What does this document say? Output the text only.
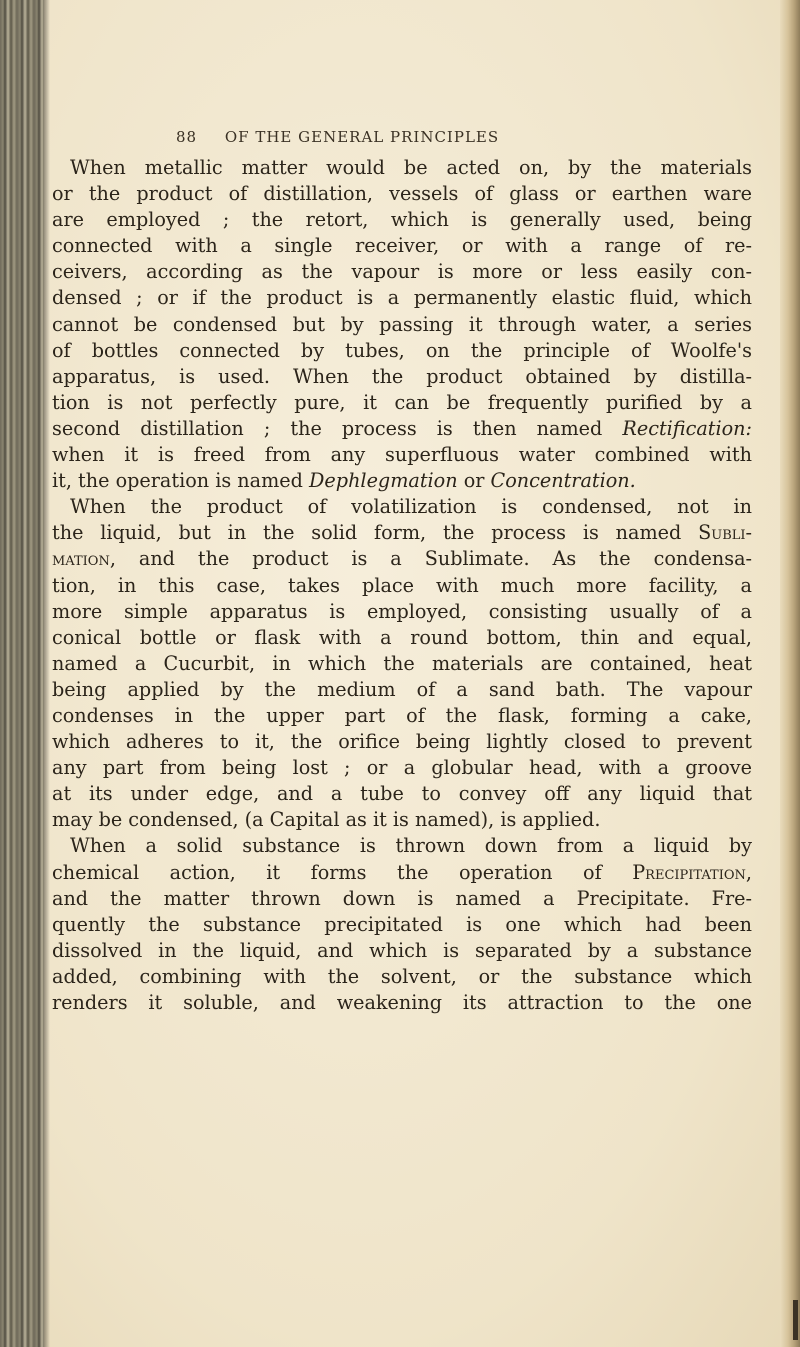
88 OF THE GENERAL PRINCIPLES
When metallic matter would be acted on, by the materials
or the product of distillation, vessels of glass or earthen ware
are employed ; the retort, which is generally used, being
connected with a single receiver, or with a range of re-
ceivers, according as the vapour is more or less easily con-
densed ; or if the product is a permanently elastic fluid, which
cannot be condensed but by passing it through water, a series
of bottles connected by tubes, on the principle of Woolfe's
apparatus, is used. When the product obtained by distilla-
tion is not perfectly pure, it can be frequently purified by a
second distillation ; the process is then named Rectification:
when it is freed from any superfluous water combined with
it, the operation is named Dephlegmation or Concentration.
When the product of volatilization is condensed, not in
the liquid, but in the solid form, the process is named Subli-
mation, and the product is a Sublimate. As the condensa-
tion, in this case, takes place with much more facility, a
more simple apparatus is employed, consisting usually of a
conical bottle or flask with a round bottom, thin and equal,
named a Cucurbit, in which the materials are contained, heat
being applied by the medium of a sand bath. The vapour
condenses in the upper part of the flask, forming a cake,
which adheres to it, the orifice being lightly closed to prevent
any part from being lost ; or a globular head, with a groove
at its under edge, and a tube to convey off any liquid that
may be condensed, (a Capital as it is named), is applied.
When a solid substance is thrown down from a liquid by
chemical action, it forms the operation of Precipitation,
and the matter thrown down is named a Precipitate. Fre-
quently the substance precipitated is one which had been
dissolved in the liquid, and which is separated by a substance
added, combining with the solvent, or the substance which
renders it soluble, and weakening its attraction to the one
